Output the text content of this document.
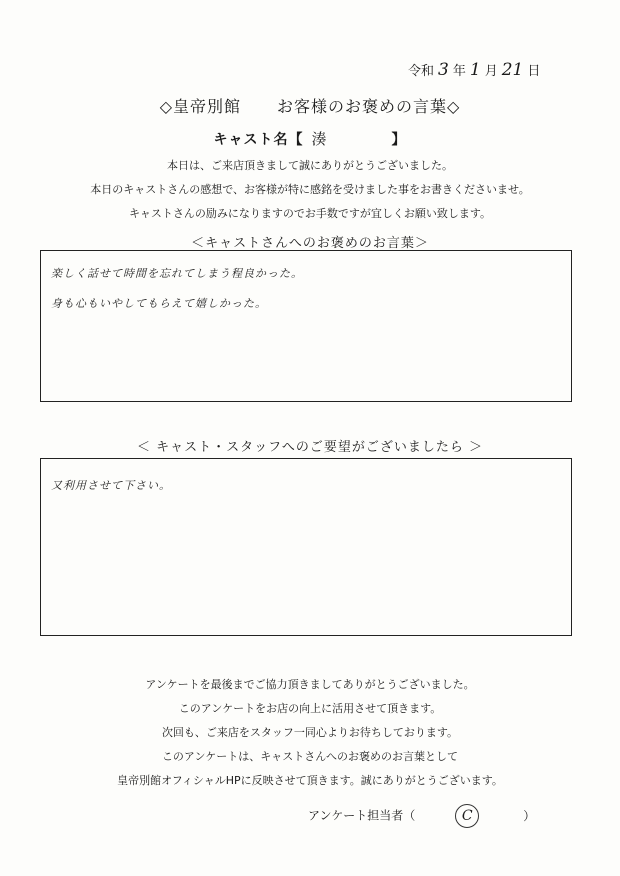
令和 3 年 1 月 21 日
◇皇帝別館 お客様のお褒めの言葉◇
キャスト名【 湊	】
本日は、ご来店頂きまして誠にありがとうございました。
本日のキャストさんの感想で、お客様が特に感銘を受けました事をお書きくださいませ。
キャストさんの励みになりますのでお手数ですが宜しくお願い致します。
＜キャストさんへのお褒めのお言葉＞
楽しく話せて時間を忘れてしまう程良かった。
身も心もいやしてもらえて嬉しかった。
＜ キャスト・スタッフへのご要望がございましたら ＞
又利用させて下さい。
アンケートを最後までご協力頂きましてありがとうございました。
このアンケートをお店の向上に活用させて頂きます。
次回も、ご来店をスタッフ一同心よりお待ちしております。
このアンケートは、キャストさんへのお褒めのお言葉として
皇帝別館オフィシャルHPに反映させて頂きます。誠にありがとうございます。
アンケート担当者（	C	）
